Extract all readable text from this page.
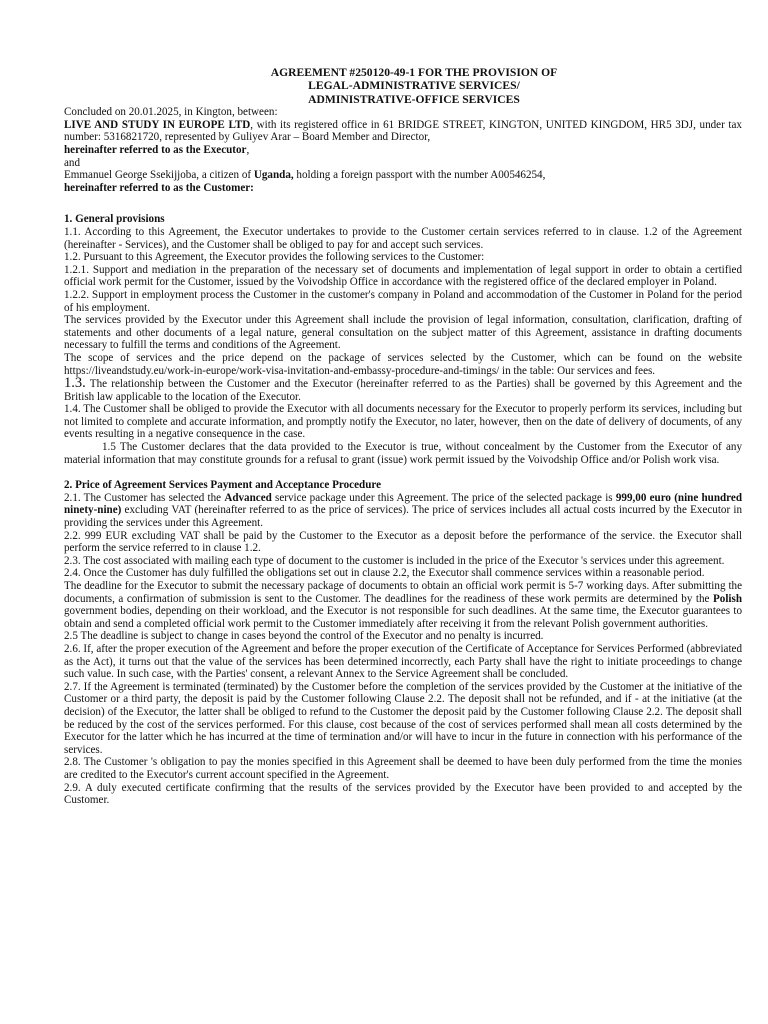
AGREEMENT #250120-49-1 FOR THE PROVISION OF
LEGAL-ADMINISTRATIVE SERVICES/
ADMINISTRATIVE-OFFICE SERVICES

Concluded on 20.01.2025, in Kington, between:

LIVE AND STUDY IN EUROPE LTD, with its registered office in 61 BRIDGE STREET, KINGTON, UNITED KINGDOM, HR5 3DJ, under tax number: 5316821720, represented by Guliyev Arar – Board Member and Director,

hereinafter referred to as the Executor,

and

Emmanuel George Ssekijjoba, a citizen of Uganda, holding a foreign passport with the number A00546254,

hereinafter referred to as the Customer:

1. General provisions

1.1. According to this Agreement, the Executor undertakes to provide to the Customer certain services referred to in clause. 1.2 of the Agreement (hereinafter - Services), and the Customer shall be obliged to pay for and accept such services.

1.2. Pursuant to this Agreement, the Executor provides the following services to the Customer:

1.2.1. Support and mediation in the preparation of the necessary set of documents and implementation of legal support in order to obtain a certified official work permit for the Customer, issued by the Voivodship Office in accordance with the registered office of the declared employer in Poland.

1.2.2. Support in employment process the Customer in the customer's company in Poland and accommodation of the Customer in Poland for the period of his employment.

The services provided by the Executor under this Agreement shall include the provision of legal information, consultation, clarification, drafting of statements and other documents of a legal nature, general consultation on the subject matter of this Agreement, assistance in drafting documents necessary to fulfill the terms and conditions of the Agreement.

The scope of services and the price depend on the package of services selected by the Customer, which can be found on the website https://liveandstudy.eu/work-in-europe/work-visa-invitation-and-embassy-procedure-and-timings/ in the table: Our services and fees.

1.3. The relationship between the Customer and the Executor (hereinafter referred to as the Parties) shall be governed by this Agreement and the British law applicable to the location of the Executor.

1.4. The Customer shall be obliged to provide the Executor with all documents necessary for the Executor to properly perform its services, including but not limited to complete and accurate information, and promptly notify the Executor, no later, however, then on the date of delivery of documents, of any events resulting in a negative consequence in the case.

1.5 The Customer declares that the data provided to the Executor is true, without concealment by the Customer from the Executor of any material information that may constitute grounds for a refusal to grant (issue) work permit issued by the Voivodship Office and/or Polish work visa.

2. Price of Agreement Services Payment and Acceptance Procedure

2.1. The Customer has selected the Advanced service package under this Agreement. The price of the selected package is 999,00 euro (nine hundred ninety-nine) excluding VAT (hereinafter referred to as the price of services). The price of services includes all actual costs incurred by the Executor in providing the services under this Agreement.

2.2. 999 EUR excluding VAT shall be paid by the Customer to the Executor as a deposit before the performance of the service. the Executor shall perform the service referred to in clause 1.2.

2.3. The cost associated with mailing each type of document to the customer is included in the price of the Executor 's services under this agreement.

2.4. Once the Customer has duly fulfilled the obligations set out in clause 2.2, the Executor shall commence services within a reasonable period.

The deadline for the Executor to submit the necessary package of documents to obtain an official work permit is 5-7 working days. After submitting the documents, a confirmation of submission is sent to the Customer. The deadlines for the readiness of these work permits are determined by the Polish government bodies, depending on their workload, and the Executor is not responsible for such deadlines. At the same time, the Executor guarantees to obtain and send a completed official work permit to the Customer immediately after receiving it from the relevant Polish government authorities.

2.5 The deadline is subject to change in cases beyond the control of the Executor and no penalty is incurred.

2.6. If, after the proper execution of the Agreement and before the proper execution of the Certificate of Acceptance for Services Performed (abbreviated as the Act), it turns out that the value of the services has been determined incorrectly, each Party shall have the right to initiate proceedings to change such value. In such case, with the Parties' consent, a relevant Annex to the Service Agreement shall be concluded.

2.7. If the Agreement is terminated (terminated) by the Customer before the completion of the services provided by the Customer at the initiative of the Customer or a third party, the deposit is paid by the Customer following Clause 2.2. The deposit shall not be refunded, and if - at the initiative (at the decision) of the Executor, the latter shall be obliged to refund to the Customer the deposit paid by the Customer following Clause 2.2. The deposit shall be reduced by the cost of the services performed. For this clause, cost because of the cost of services performed shall mean all costs determined by the Executor for the latter which he has incurred at the time of termination and/or will have to incur in the future in connection with his performance of the services.

2.8. The Customer 's obligation to pay the monies specified in this Agreement shall be deemed to have been duly performed from the time the monies are credited to the Executor's current account specified in the Agreement.

2.9. A duly executed certificate confirming that the results of the services provided by the Executor have been provided to and accepted by the Customer.
